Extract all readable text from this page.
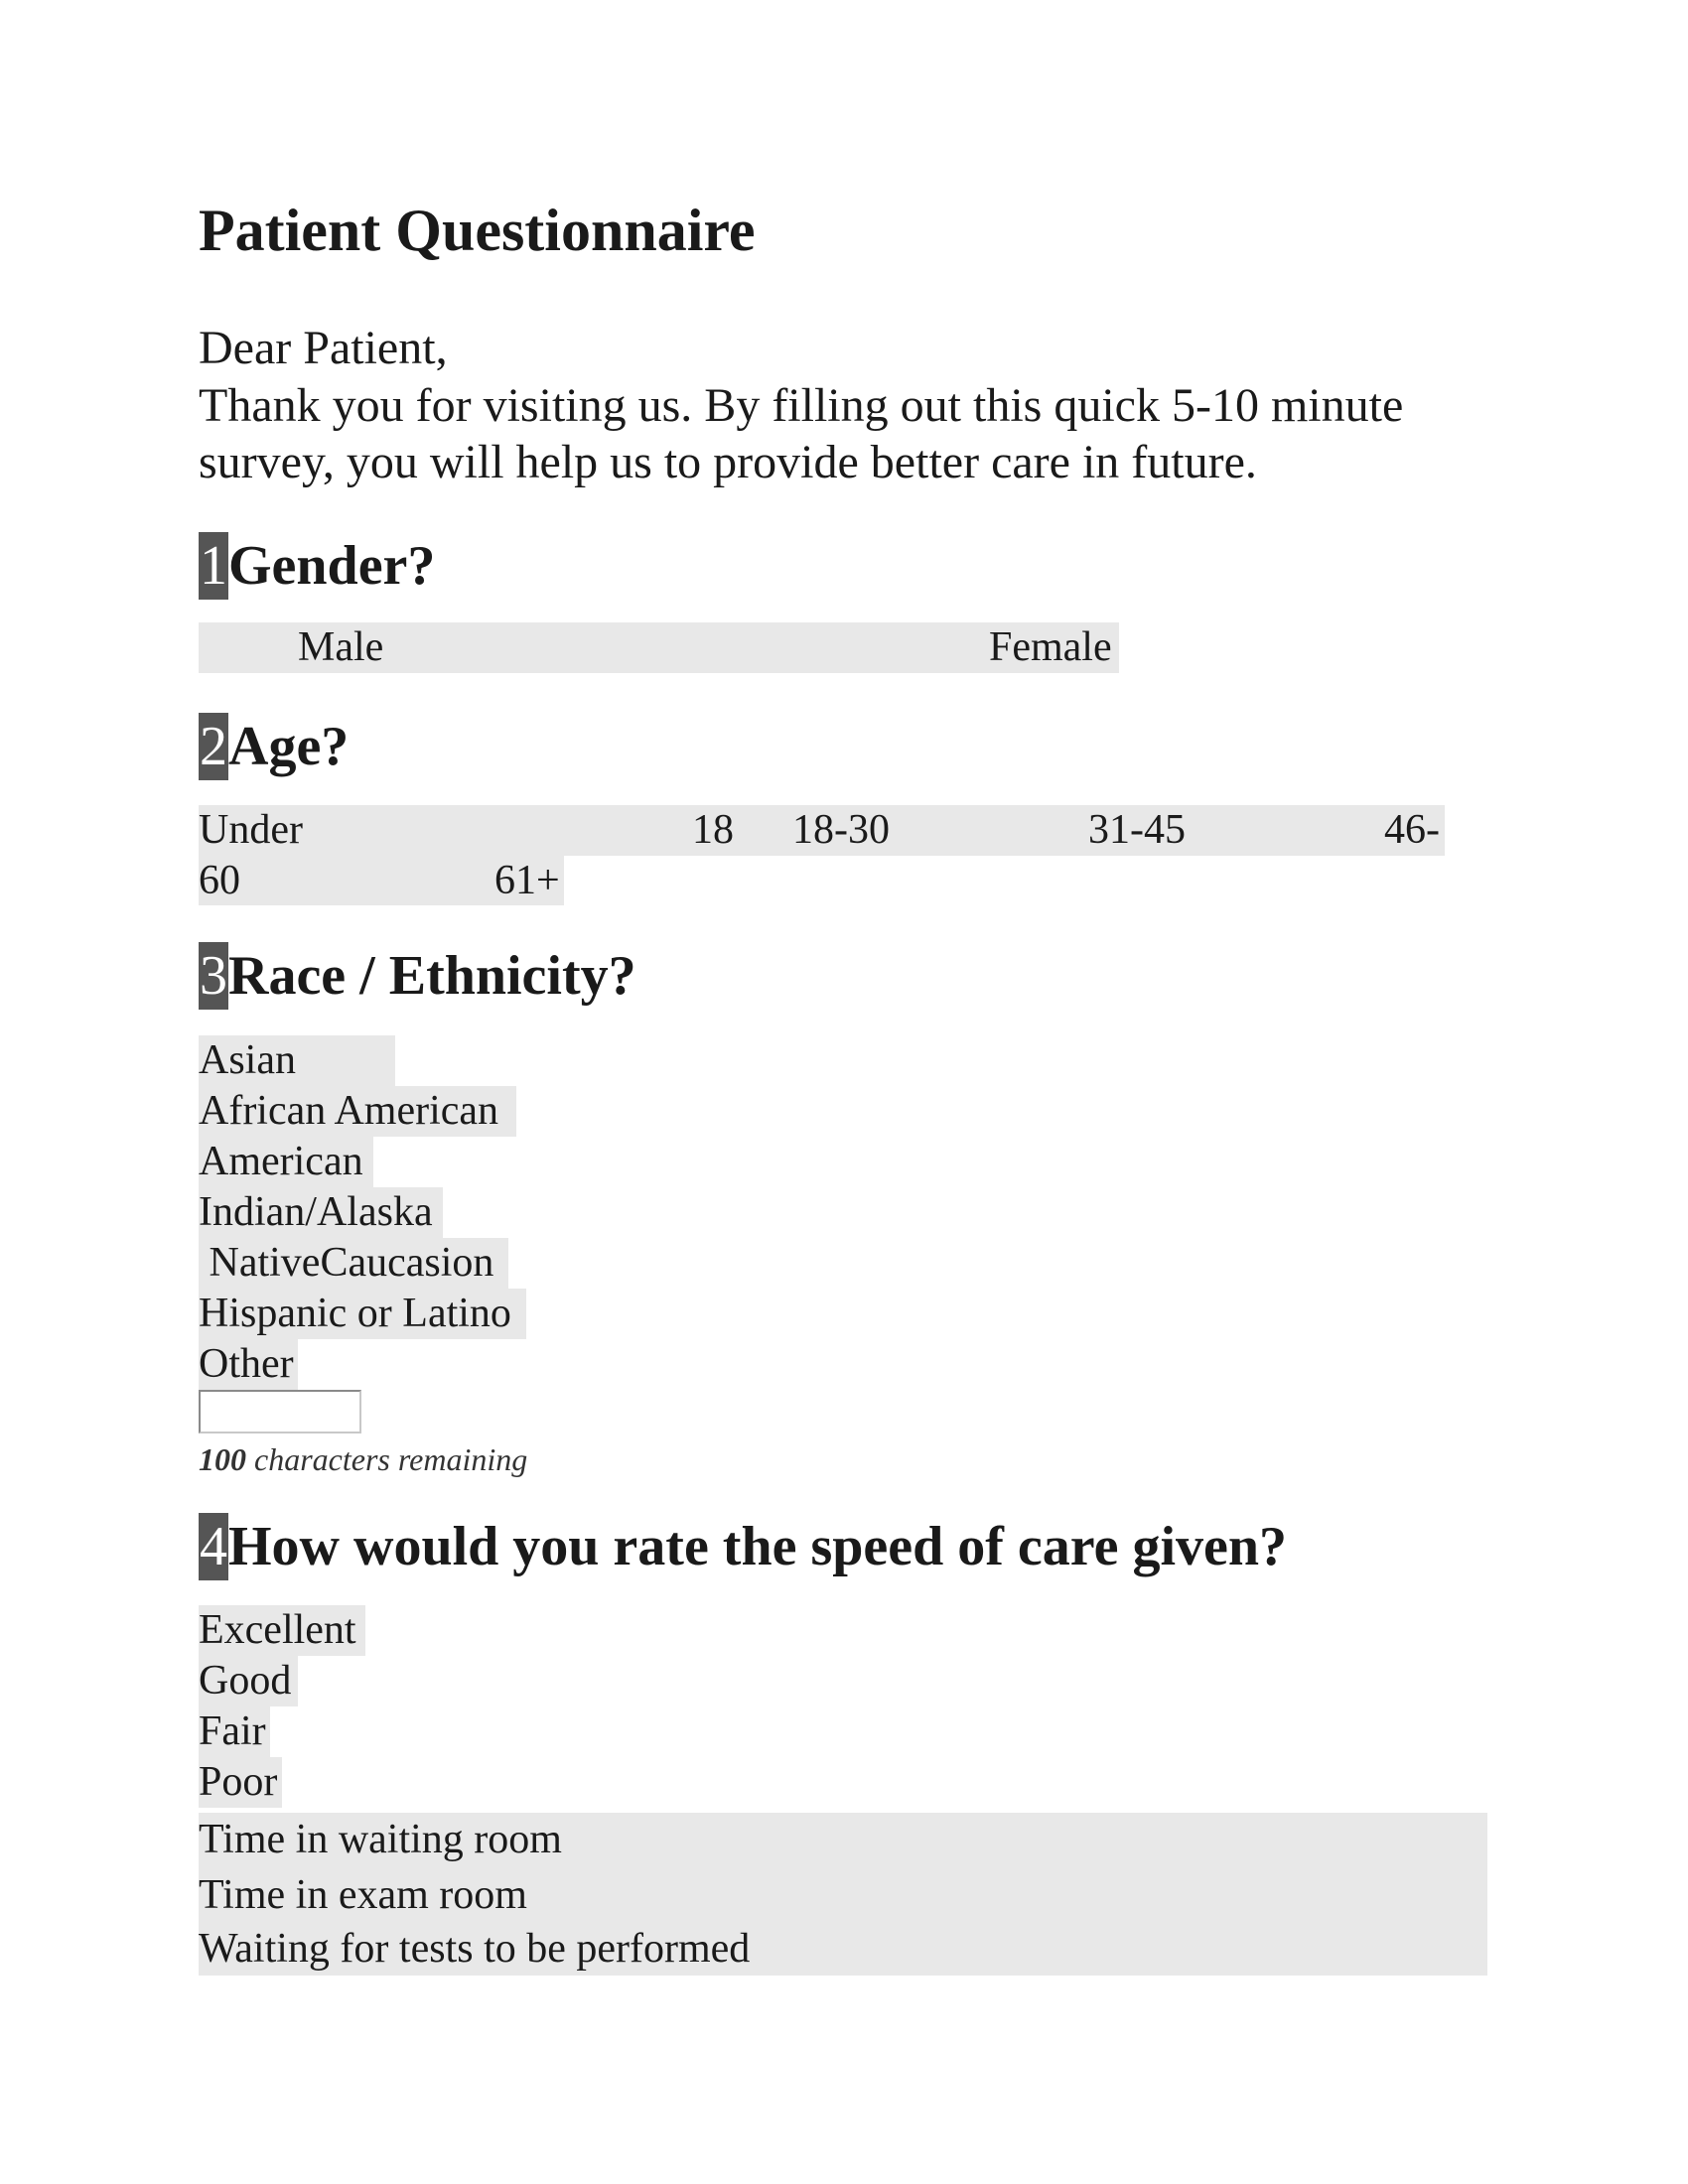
Patient Questionnaire
Dear Patient,
Thank you for visiting us. By filling out this quick 5-10 minute
survey, you will help us to provide better care in future.
1 Gender?
Male	Female
2 Age?
Under	18 18-30	31-45	46-
60	61+
3 Race / Ethnicity?
Asian
African American
American
Indian/Alaska
NativeCaucasion
Hispanic or Latino
Other
100 characters remaining
4 How would you rate the speed of care given?
Excellent
Good
Fair
Poor
Time in waiting room
Time in exam room
Waiting for tests to be performed
